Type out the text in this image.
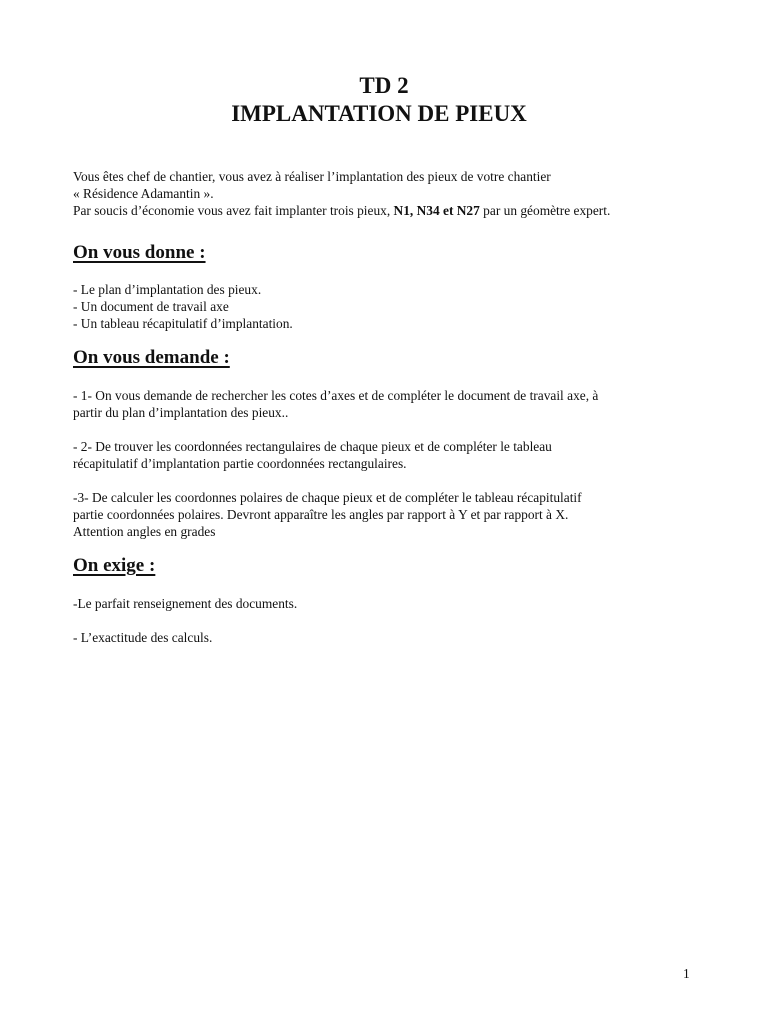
TD 2
IMPLANTATION DE PIEUX

Vous êtes chef de chantier, vous avez à réaliser l’implantation des pieux de votre chantier

« Résidence Adamantin ».

Par soucis d’économie vous avez fait implanter trois pieux, N1, N34 et N27 par un géomètre expert.

On vous donne :

- Le plan d’implantation des pieux.

- Un document de travail axe

- Un tableau récapitulatif d’implantation.

On vous demande :

- 1- On vous demande de rechercher les cotes d’axes et de compléter le document de travail axe, à

partir du plan d’implantation des pieux..

- 2- De trouver les coordonnées rectangulaires de chaque pieux et de compléter le tableau

récapitulatif d’implantation partie coordonnées rectangulaires.

-3- De calculer les coordonnes polaires de chaque pieux et de compléter le tableau récapitulatif

partie coordonnées polaires. Devront apparaître les angles par rapport à Y et par rapport à X.

Attention angles en grades

On exige :

-Le parfait renseignement des documents.

- L’exactitude des calculs.

1
